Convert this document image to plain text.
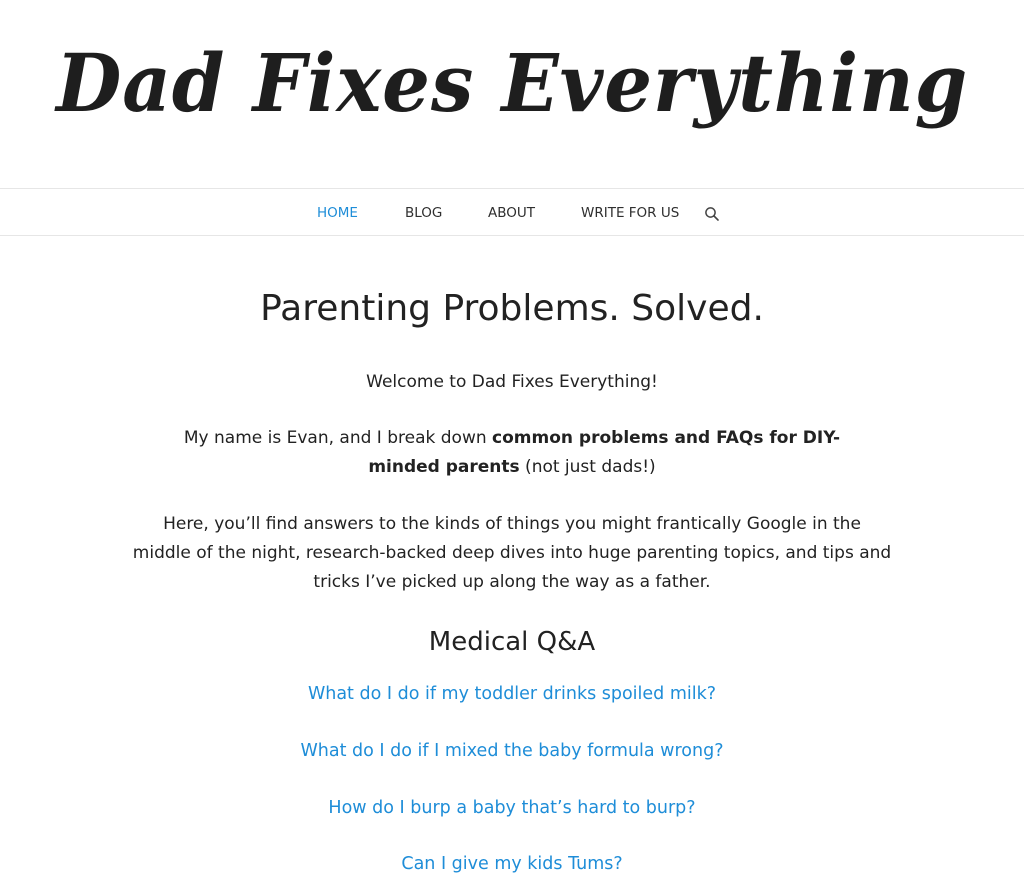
Dad Fixes Everything
HOME	BLOG	ABOUT	WRITE FOR US
Parenting Problems. Solved.

Welcome to Dad Fixes Everything!

My name is Evan, and I break down common problems and FAQs for DIY-minded parents (not just dads!)

Here, you’ll find answers to the kinds of things you might frantically Google in the middle of the night, research-backed deep dives into huge parenting topics, and tips and tricks I’ve picked up along the way as a father.

Medical Q&A
What do I do if my toddler drinks spoiled milk?
What do I do if I mixed the baby formula wrong?
How do I burp a baby that’s hard to burp?
Can I give my kids Tums?
